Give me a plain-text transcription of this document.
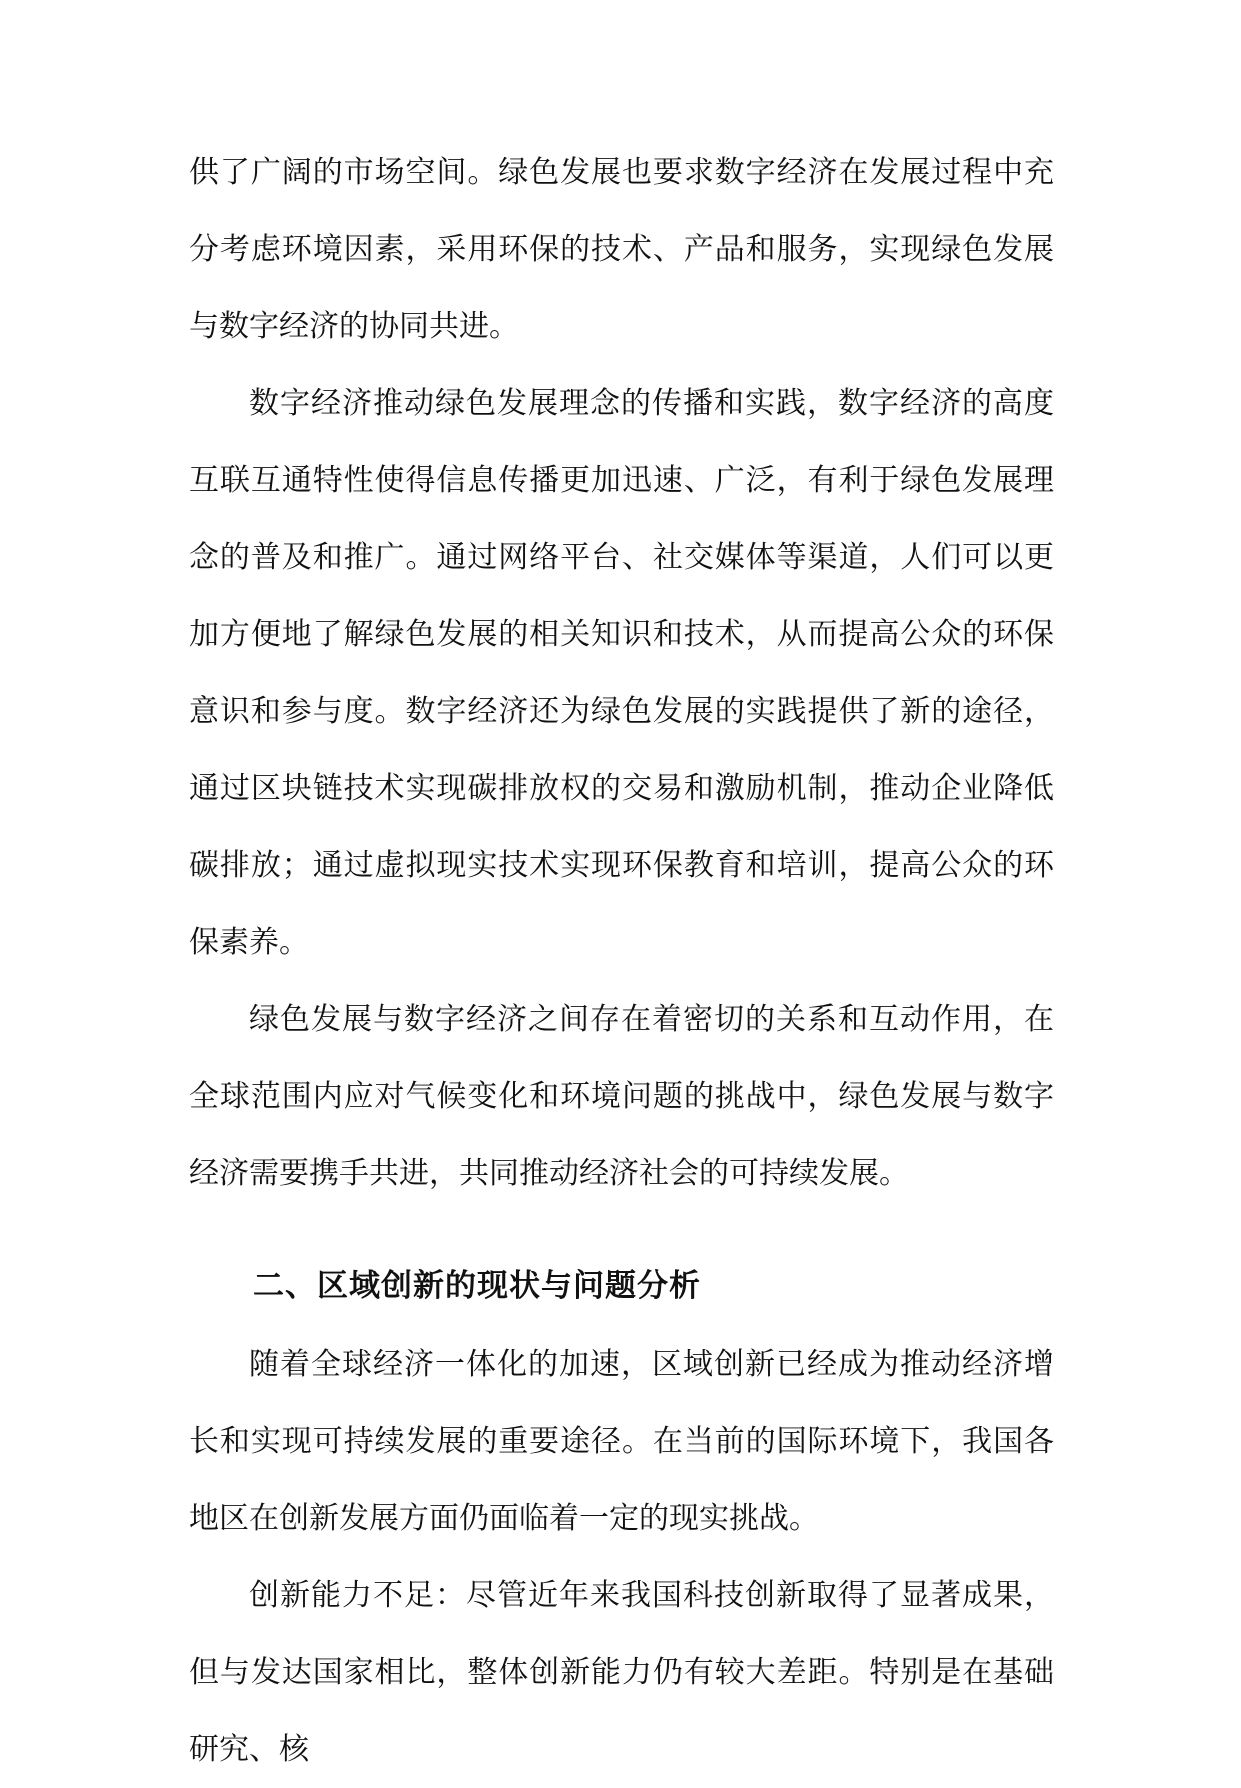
供了广阔的市场空间。绿色发展也要求数字经济在发展过程中充分考虑环境因素，采用环保的技术、产品和服务，实现绿色发展与数字经济的协同共进。

数字经济推动绿色发展理念的传播和实践，数字经济的高度互联互通特性使得信息传播更加迅速、广泛，有利于绿色发展理念的普及和推广。通过网络平台、社交媒体等渠道，人们可以更加方便地了解绿色发展的相关知识和技术，从而提高公众的环保意识和参与度。数字经济还为绿色发展的实践提供了新的途径，通过区块链技术实现碳排放权的交易和激励机制，推动企业降低碳排放；通过虚拟现实技术实现环保教育和培训，提高公众的环保素养。

绿色发展与数字经济之间存在着密切的关系和互动作用，在全球范围内应对气候变化和环境问题的挑战中，绿色发展与数字经济需要携手共进，共同推动经济社会的可持续发展。

二、区域创新的现状与问题分析

随着全球经济一体化的加速，区域创新已经成为推动经济增长和实现可持续发展的重要途径。在当前的国际环境下，我国各地区在创新发展方面仍面临着一定的现实挑战。

创新能力不足：尽管近年来我国科技创新取得了显著成果，但与发达国家相比，整体创新能力仍有较大差距。特别是在基础研究、核
